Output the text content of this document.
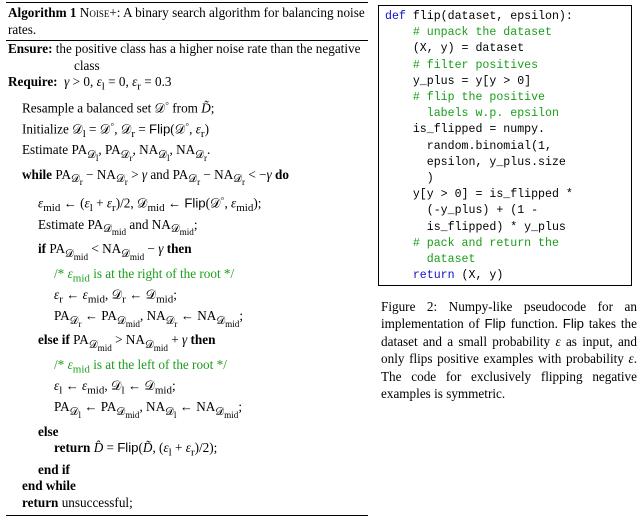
Algorithm 1 Noise+: A binary search algorithm for balancing noise rates.
Ensure: the positive class has a higher noise rate than the negative class
Require: γ > 0, $\varepsilon_l = 0$, $\varepsilon_r = 0.3$
Resample a balanced set 𝒟◦ from D̃;
Initialize 𝒟$_l$ = 𝒟◦, 𝒟$_r$ = Flip(𝒟◦, $\varepsilon_r$)
Estimate $PA_{𝒟_l}$, $PA_{𝒟_r}$, $NA_{𝒟_l}$, $NA_{𝒟_r}$.
while $PA_{𝒟_r} - NA_{𝒟_r} > \gamma$ and $PA_{𝒟_r} - NA_{𝒟_r} < -\gamma$ do
$\varepsilon_{mid}$ ← $(\varepsilon_l + \varepsilon_r)/2$, 𝒟$_{mid}$ ← Flip(𝒟◦, $\varepsilon_{mid}$);
Estimate $PA_{𝒟_{mid}}$ and $NA_{𝒟_{mid}}$;
if $PA_{𝒟_{mid}} < NA_{𝒟_{mid}} - \gamma$ then
/* $\varepsilon_{mid}$ is at the right of the root */
$\varepsilon_r$ ← $\varepsilon_{mid}$, 𝒟$_r$ ← 𝒟$_{mid}$;
$PA_{𝒟_r}$ ← $PA_{𝒟_{mid}}$, $NA_{𝒟_r}$ ← $NA_{𝒟_{mid}}$;
else if $PA_{𝒟_{mid}} > NA_{𝒟_{mid}} + \gamma$ then
/* $\varepsilon_{mid}$ is at the left of the root */
$\varepsilon_l$ ← $\varepsilon_{mid}$, 𝒟$_l$ ← 𝒟$_{mid}$;
$PA_{𝒟_l}$ ← $PA_{𝒟_{mid}}$, $NA_{𝒟_l}$ ← $NA_{𝒟_{mid}}$;
else
return D̂ = Flip(D̃, $(\varepsilon_l + \varepsilon_r)/2$);
end if
end while
return unsuccessful;
def flip(dataset, epsilon):
# unpack the dataset
(X, y) = dataset
# filter positives
y_plus = y[y > 0]
# flip the positive
labels w.p. epsilon
is_flipped = numpy.
random.binomial(1,
epsilon, y_plus.size
)
y[y > 0] = is_flipped *
(-y_plus) + (1 -
is_flipped) * y_plus
# pack and return the
dataset
return (X, y)
Figure 2: Numpy-like pseudocode for an implementation of Flip function. Flip takes the dataset and a small probability ε as input, and only flips positive examples with probability ε. The code for exclusively flipping negative examples is symmetric.
